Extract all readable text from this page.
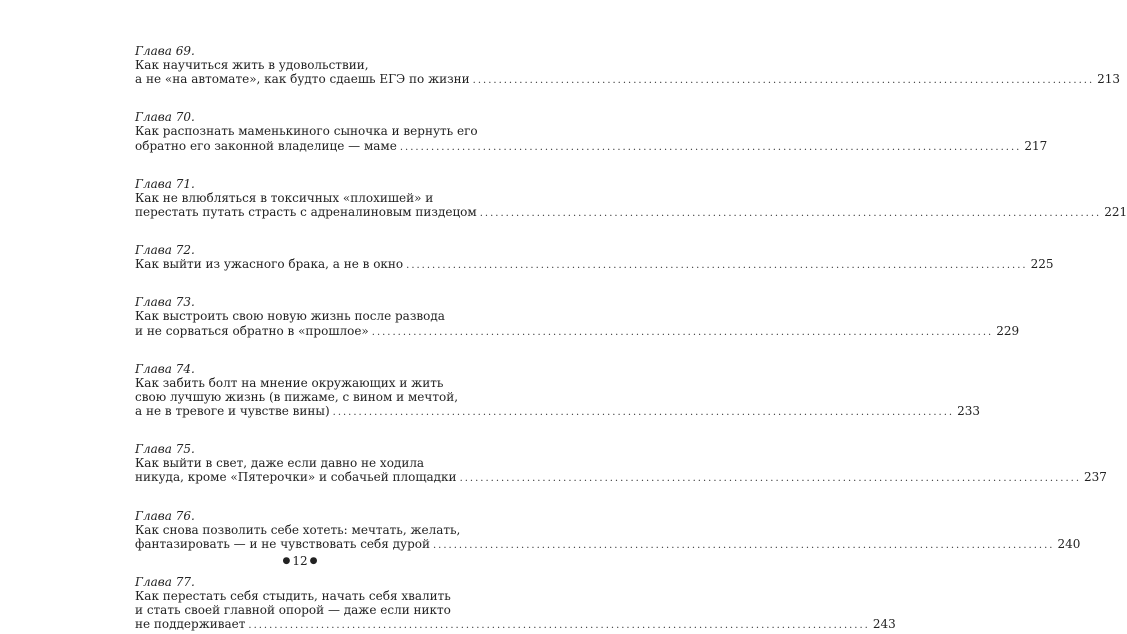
Глава 69.
Как научиться жить в удовольствии,
а не «на автомате», как будто сдаешь ЕГЭ по жизни ........................................................................................................................ 213
Глава 70.
Как распознать маменькиного сыночка и вернуть его
обратно его законной владелице — маме ........................................................................................................................ 217
Глава 71.
Как не влюбляться в токсичных «плохишей» и
перестать путать страсть с адреналиновым пиздецом ........................................................................................................................ 221
Глава 72.
Как выйти из ужасного брака, а не в окно ........................................................................................................................ 225
Глава 73.
Как выстроить свою новую жизнь после развода
и не сорваться обратно в «прошлое» ........................................................................................................................ 229
Глава 74.
Как забить болт на мнение окружающих и жить
свою лучшую жизнь (в пижаме, с вином и мечтой,
а не в тревоге и чувстве вины) ........................................................................................................................ 233
Глава 75.
Как выйти в свет, даже если давно не ходила
никуда, кроме «Пятерочки» и собачьей площадки ........................................................................................................................ 237
Глава 76.
Как снова позволить себе хотеть: мечтать, желать,
фантазировать — и не чувствовать себя дурой ........................................................................................................................ 240
Глава 77.
Как перестать себя стыдить, начать себя хвалить
и стать своей главной опорой — даже если никто
не поддерживает ........................................................................................................................ 243
● 12 ●
